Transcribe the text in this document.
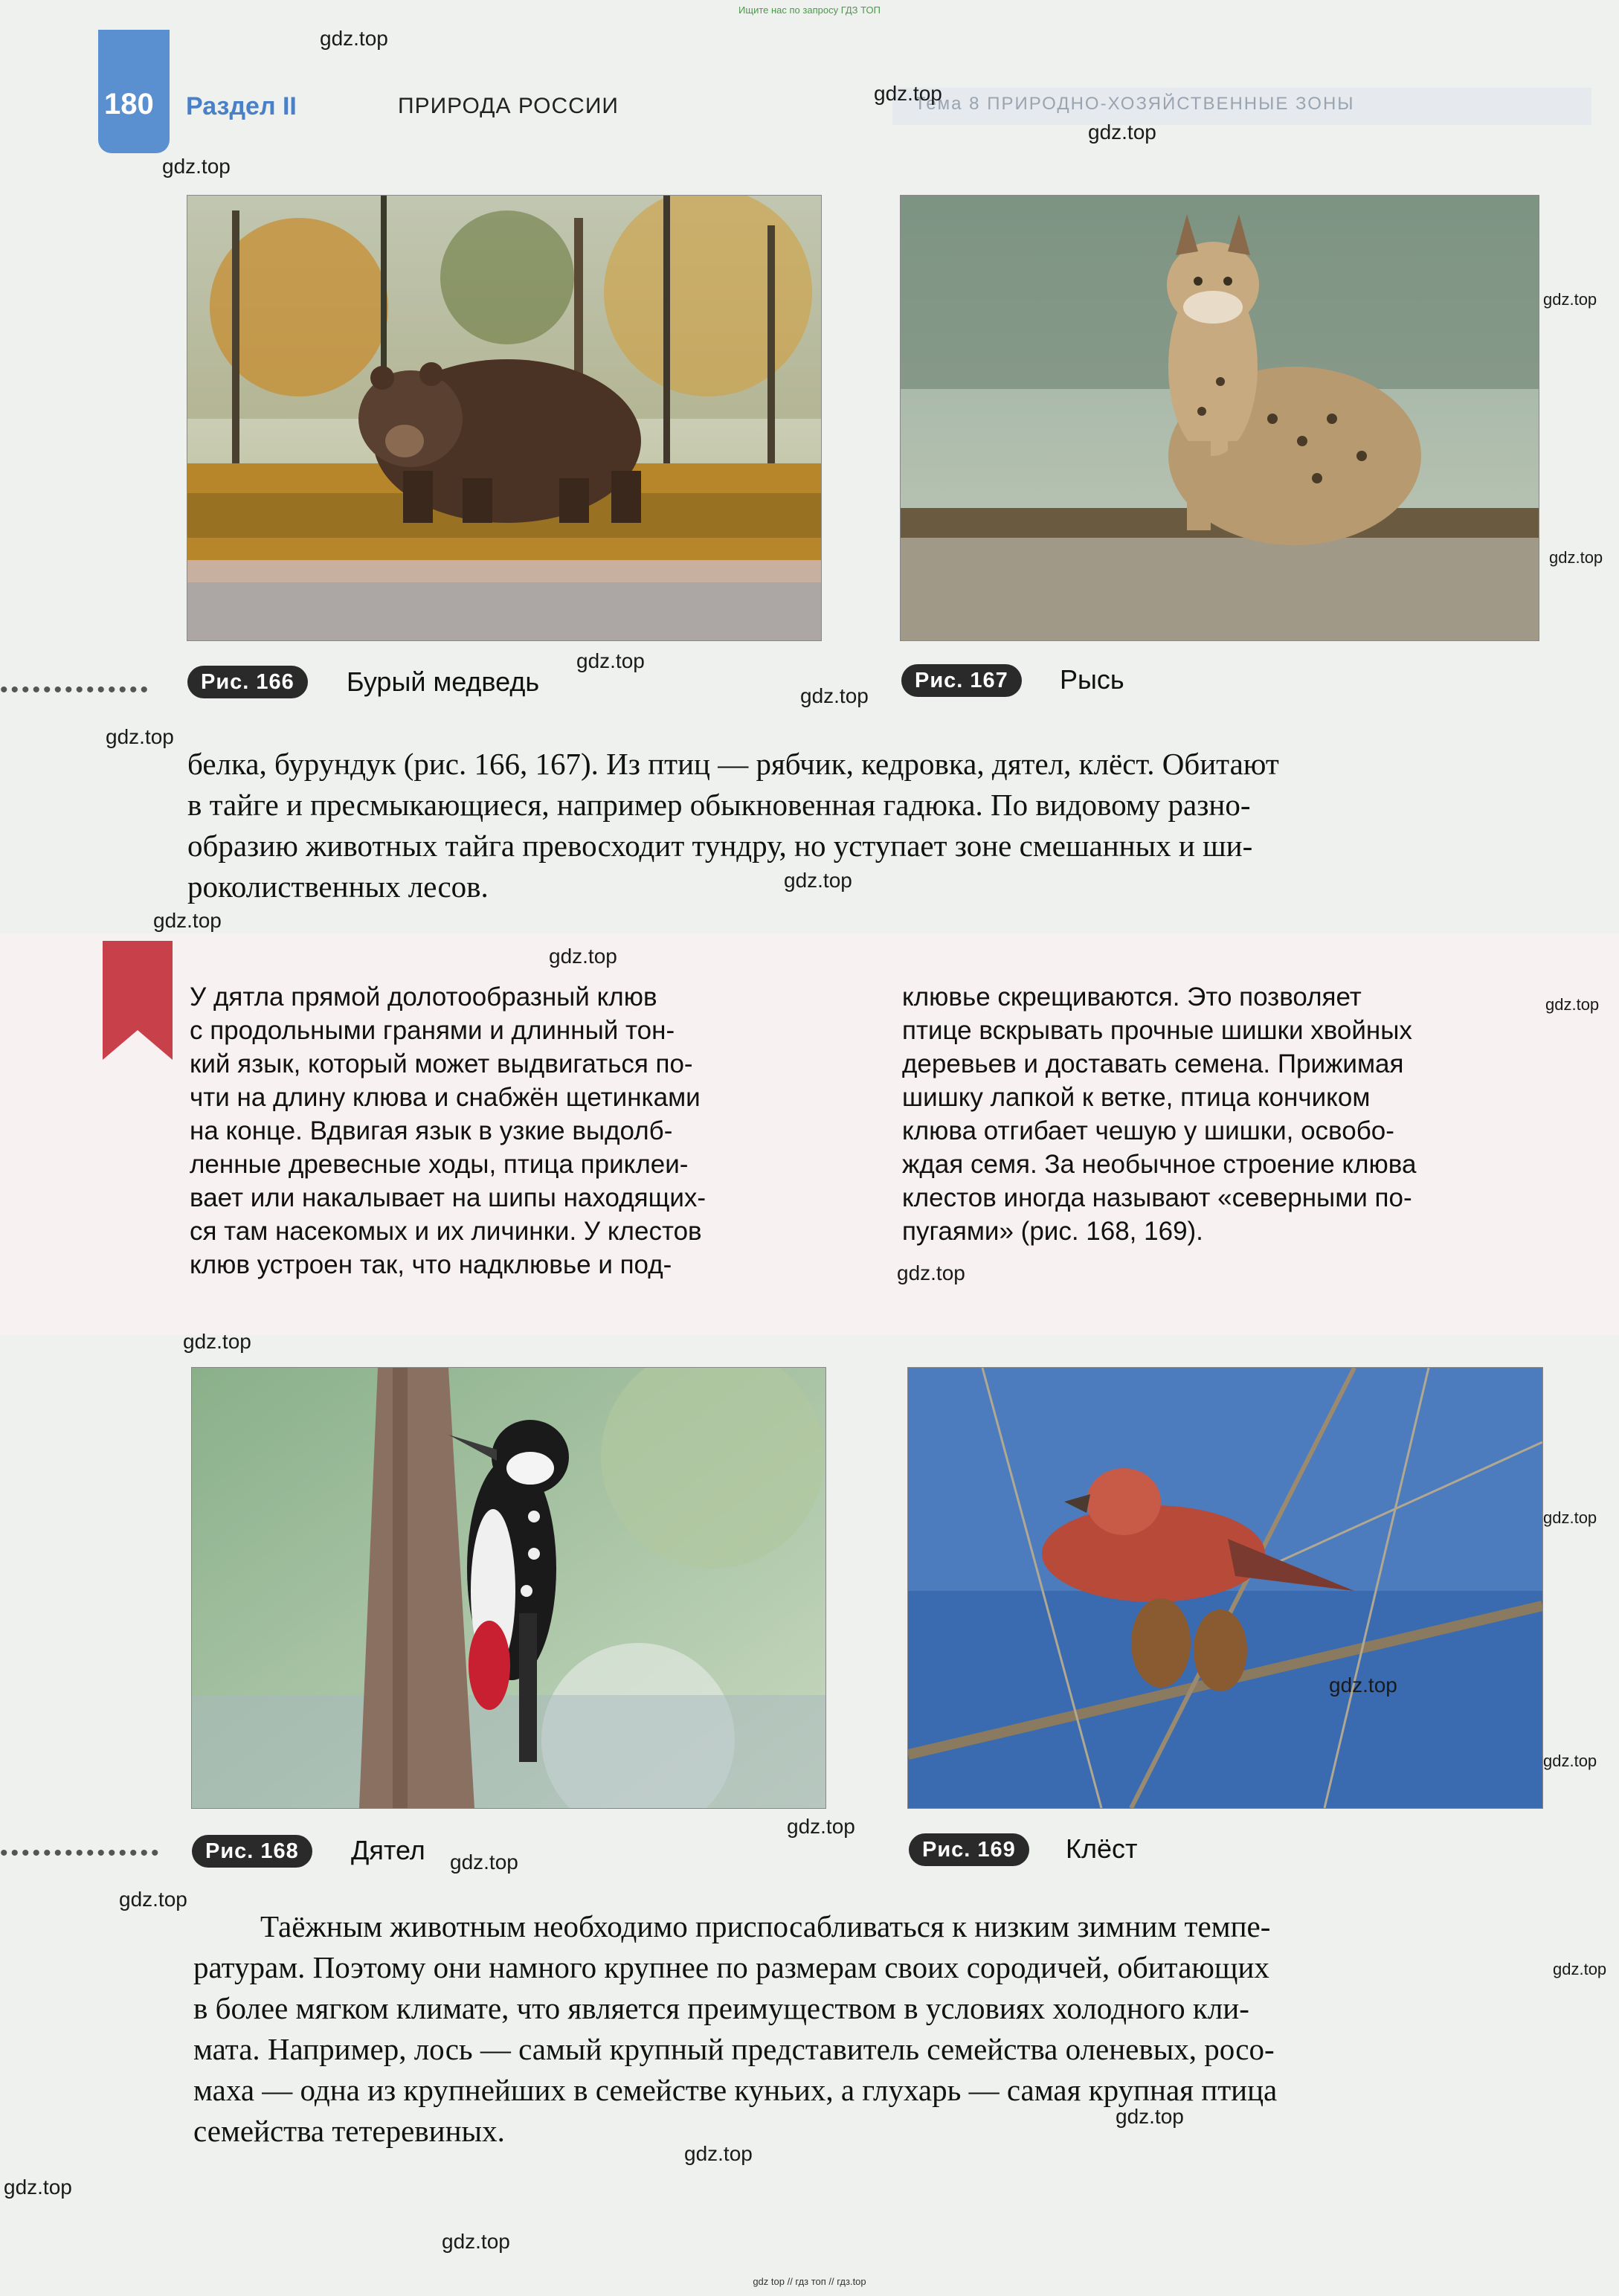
Ищите нас по запросу ГДЗ ТОП
Тема 8 ПРИРОДНО-ХОЗЯЙСТВЕННЫЕ ЗОНЫ
180 Раздел II	ПРИРОДА РОССИИ
••••••••••••••	Рис. 166	Бурый медведь	Рис. 167	Рысь
белка, бурундук (рис. 166, 167). Из птиц — рябчик, кедровка, дятел, клёст. Обитают
в тайге и пресмыкающиеся, например обыкновенная гадюка. По видовому разно-
образию животных тайга превосходит тундру, но уступает зоне смешанных и ши-
роколиственных лесов.
У дятла прямой долотообразный клюв
с продольными гранями и длинный тон-
кий язык, который может выдвигаться по-
чти на длину клюва и снабжён щетинками
на конце. Вдвигая язык в узкие выдолб-
ленные древесные ходы, птица приклеи-
вает или накалывает на шипы находящих-
ся там насекомых и их личинки. У клестов
клюв устроен так, что надклювье и под-
клювье скрещиваются. Это позволяет
птице вскрывать прочные шишки хвойных
деревьев и доставать семена. Прижимая
шишку лапкой к ветке, птица кончиком
клюва отгибает чешую у шишки, освобо-
ждая семя. За необычное строение клюва
клестов иногда называют «северными по-
пугаями» (рис. 168, 169).
•••••••••••••••	Рис. 168	Дятел	Рис. 169	Клёст
Таёжным животным необходимо приспосабливаться к низким зимним темпе-
ратурам. Поэтому они намного крупнее по размерам своих сородичей, обитающих
в более мягком климате, что является преимуществом в условиях холодного кли-
мата. Например, лось — самый крупный представитель семейства оленевых, росо-
маха — одна из крупнейших в семействе куньих, а глухарь — самая крупная птица
семейства тетеревиных.
gdz.top
gdz.top
gdz.top
gdz.top
gdz.top
gdz.top
gdz.top
gdz.top
gdz.top
gdz.top
gdz.top
gdz.top
gdz.top
gdz.top
gdz.top
gdz.top
gdz.top
gdz.top
gdz.top
gdz.top
gdz.top
gdz.top
gdz.top
gdz.top
gdz.top
gdz.top
gdz top // гдз топ // гдз.top
